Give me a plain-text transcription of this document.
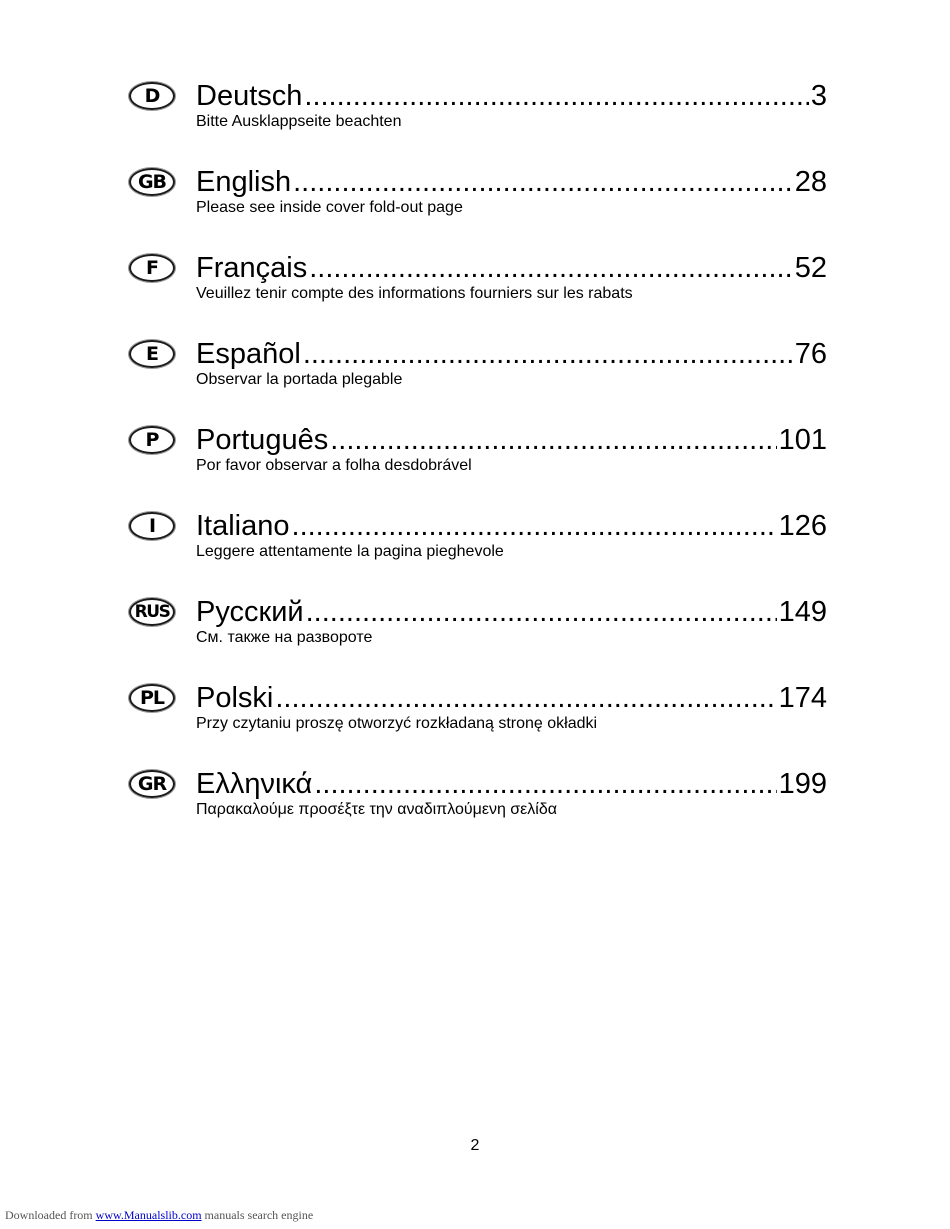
D	Deutsch .....	3
Bitte Ausklappseite beachten
GB	English .....	28
Please see inside cover fold-out page
F	Français .....	52
Veuillez tenir compte des informations fourniers sur les rabats
E	Español .....	76
Observar la portada plegable
P	Português .....	101
Por favor observar a folha desdobrável
I	Italiano .....	126
Leggere attentamente la pagina pieghevole
RUS Русский .....	149
См. также на развороте
PL	Polski .....	174
Przy czytaniu proszę otworzyć rozkładaną stronę okładki
GR	Ελληνικά .....	199
Παρακαλούμε προσέξτε την αναδιπλούμενη σελίδα
2
Downloaded from www.Manualslib.com manuals search engine
